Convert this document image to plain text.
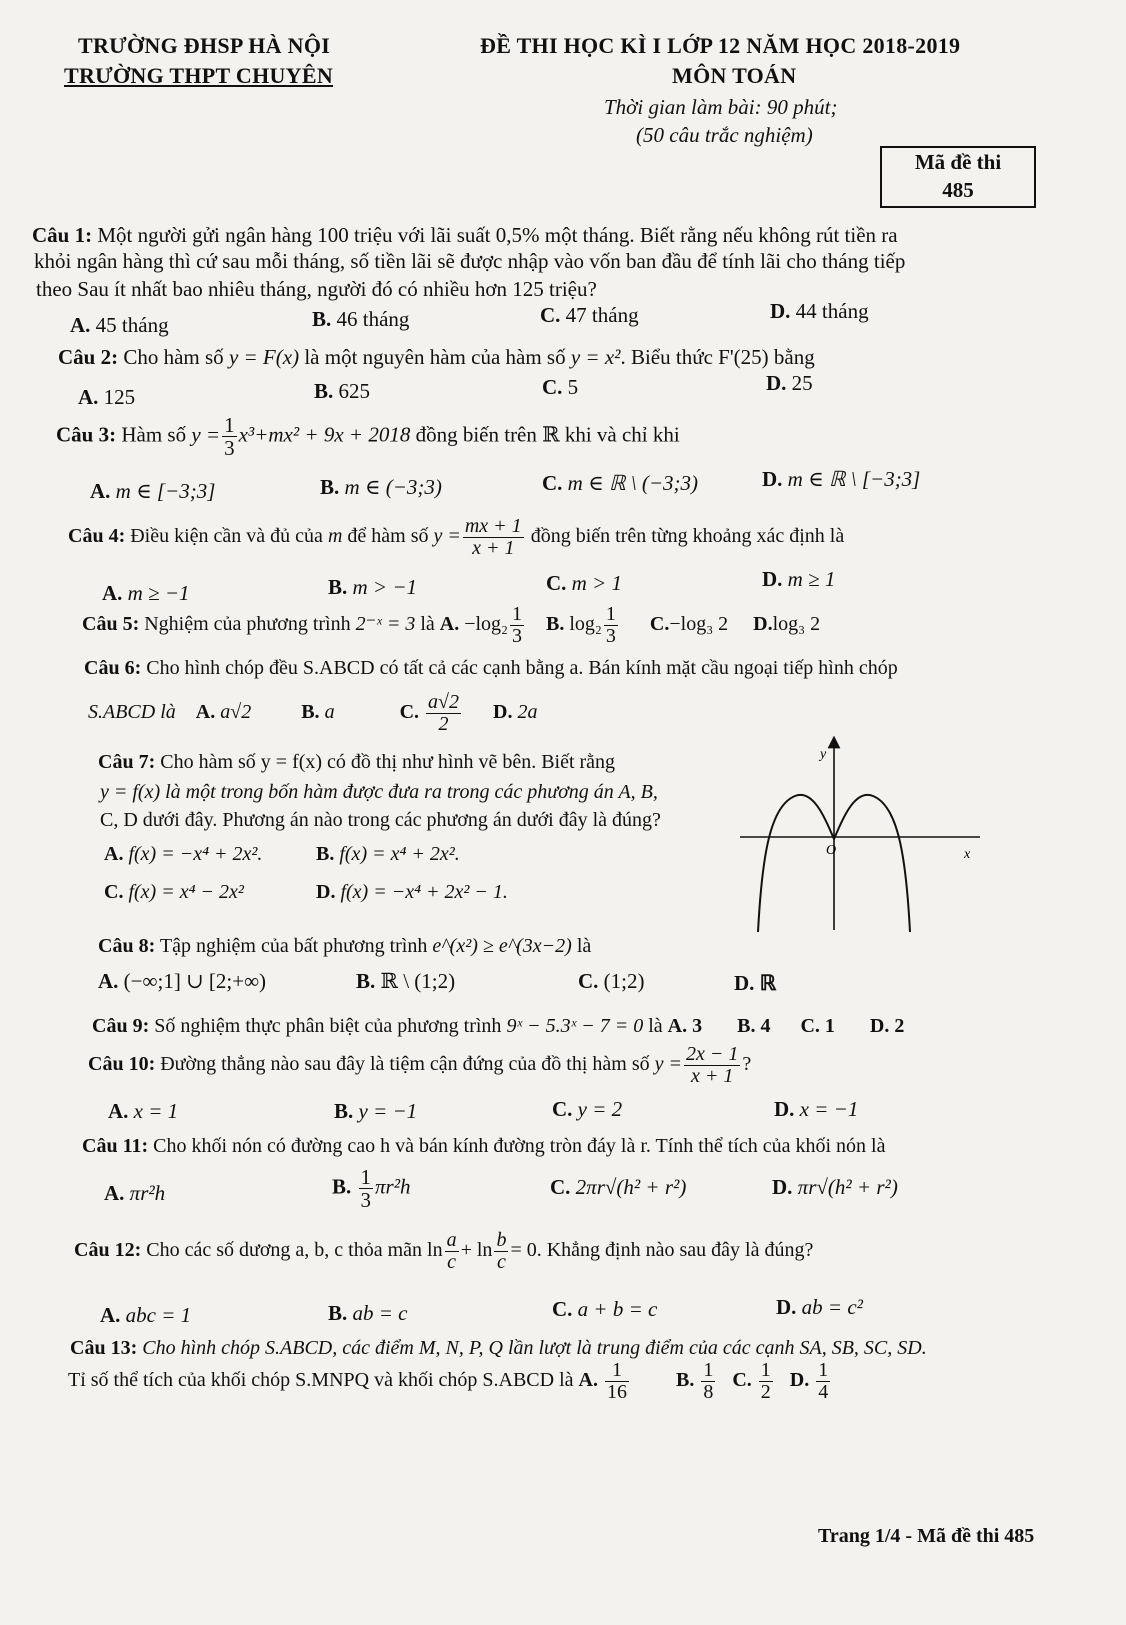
TRƯỜNG ĐHSP HÀ NỘI
TRƯỜNG THPT CHUYÊN
ĐỀ THI HỌC KÌ I LỚP 12 NĂM HỌC 2018-2019
MÔN TOÁN
Thời gian làm bài: 90 phút;
(50 câu trắc nghiệm)
Mã đề thi
485
Câu 1: Một người gửi ngân hàng 100 triệu với lãi suất 0,5% một tháng. Biết rằng nếu không rút tiền ra
khỏi ngân hàng thì cứ sau mỗi tháng, số tiền lãi sẽ được nhập vào vốn ban đầu để tính lãi cho tháng tiếp
theo Sau ít nhất bao nhiêu tháng, người đó có nhiều hơn 125 triệu?
A. 45 tháng	B. 46 tháng	C. 47 tháng	D. 44 tháng
Câu 2: Cho hàm số y = F(x) là một nguyên hàm của hàm số y = x². Biểu thức F'(25) bằng
A. 125	B. 625	C. 5	D. 25
Câu 3: Hàm số $y = \frac{1}{3} x^3+mx^2 + 9x + 2018$ đồng biến trên ℝ khi và chỉ khi
A. m ∈ [−3;3]	B. m ∈ (−3;3)	C. m ∈ ℝ \ (−3;3)	D. m ∈ ℝ \ [−3;3]
Câu 4: Điều kiện cần và đủ của m để hàm số $y = \frac{mx + 1}{x + 1}$ đồng biến trên từng khoảng xác định là
A. m ≥ −1	B. m > −1	C. m > 1	D. m ≥ 1
Câu 5: Nghiệm của phương trình 2⁻ˣ = 3 là A. $-\log_2 \frac{1}{3} B$. $\log_2 \frac{1}{3} C.-\log_3$ 2 D.log₃ 2
Câu 6: Cho hình chóp đều S.ABCD có tất cả các cạnh bằng a. Bán kính mặt cầu ngoại tiếp hình chóp
S.ABCD là A. a√2	B. a	C. $\frac{a√2}{2} D$. 2a
Câu 7: Cho hàm số y = f(x) có đồ thị như hình vẽ bên. Biết rằng
y = f(x) là một trong bốn hàm được đưa ra trong các phương án A, B,
C, D dưới đây. Phương án nào trong các phương án dưới đây là đúng?
A. f(x) = −x⁴ + 2x².	B. f(x) = x⁴ + 2x².
C. f(x) = x⁴ − 2x²	D. f(x) = −x⁴ + 2x² − 1.
y
O	x
Câu 8: Tập nghiệm của bất phương trình e^(x²) ≥ e^(3x−2) là
A. (−∞;1] ∪ [2;+∞)	B. ℝ \ (1;2)	C. (1;2)	D. ℝ
Câu 9: Số nghiệm thực phân biệt của phương trình 9ˣ − 5.3ˣ − 7 = 0 là A. 3 B. 4 C. 1 D. 2
Câu 10: Đường thẳng nào sau đây là tiệm cận đứng của đồ thị hàm số $y = \frac{2x - 1}{x + 1}$ ?
A. x = 1	B. y = −1	C. y = 2	D. x = −1
Câu 11: Cho khối nón có đường cao h và bán kính đường tròn đáy là r. Tính thể tích của khối nón là
A. πr²h	B. $\frac{1}{3} \pi r^2h$	C. 2πr√(h² + r²)	D. πr√(h² + r²)
Câu 12: Cho các số dương a, b, c thỏa mãn $\ln \frac{a}{c} + \ln \frac{b}{c} = 0$. Khẳng định nào sau đây là đúng?
A. abc = 1	B. ab = c	C. a + b = c	D. ab = c²
Câu 13: Cho hình chóp S.ABCD, các điểm M, N, P, Q lần lượt là trung điểm của các cạnh SA, SB, SC, SD.
Tỉ số thể tích của khối chóp S.MNPQ và khối chóp S.ABCD là A. $\frac{1}{16} B$. $\frac{1}{8} C$. $\frac{1}{2} D$. $\frac{1}{4}$
Trang 1/4 - Mã đề thi 485
